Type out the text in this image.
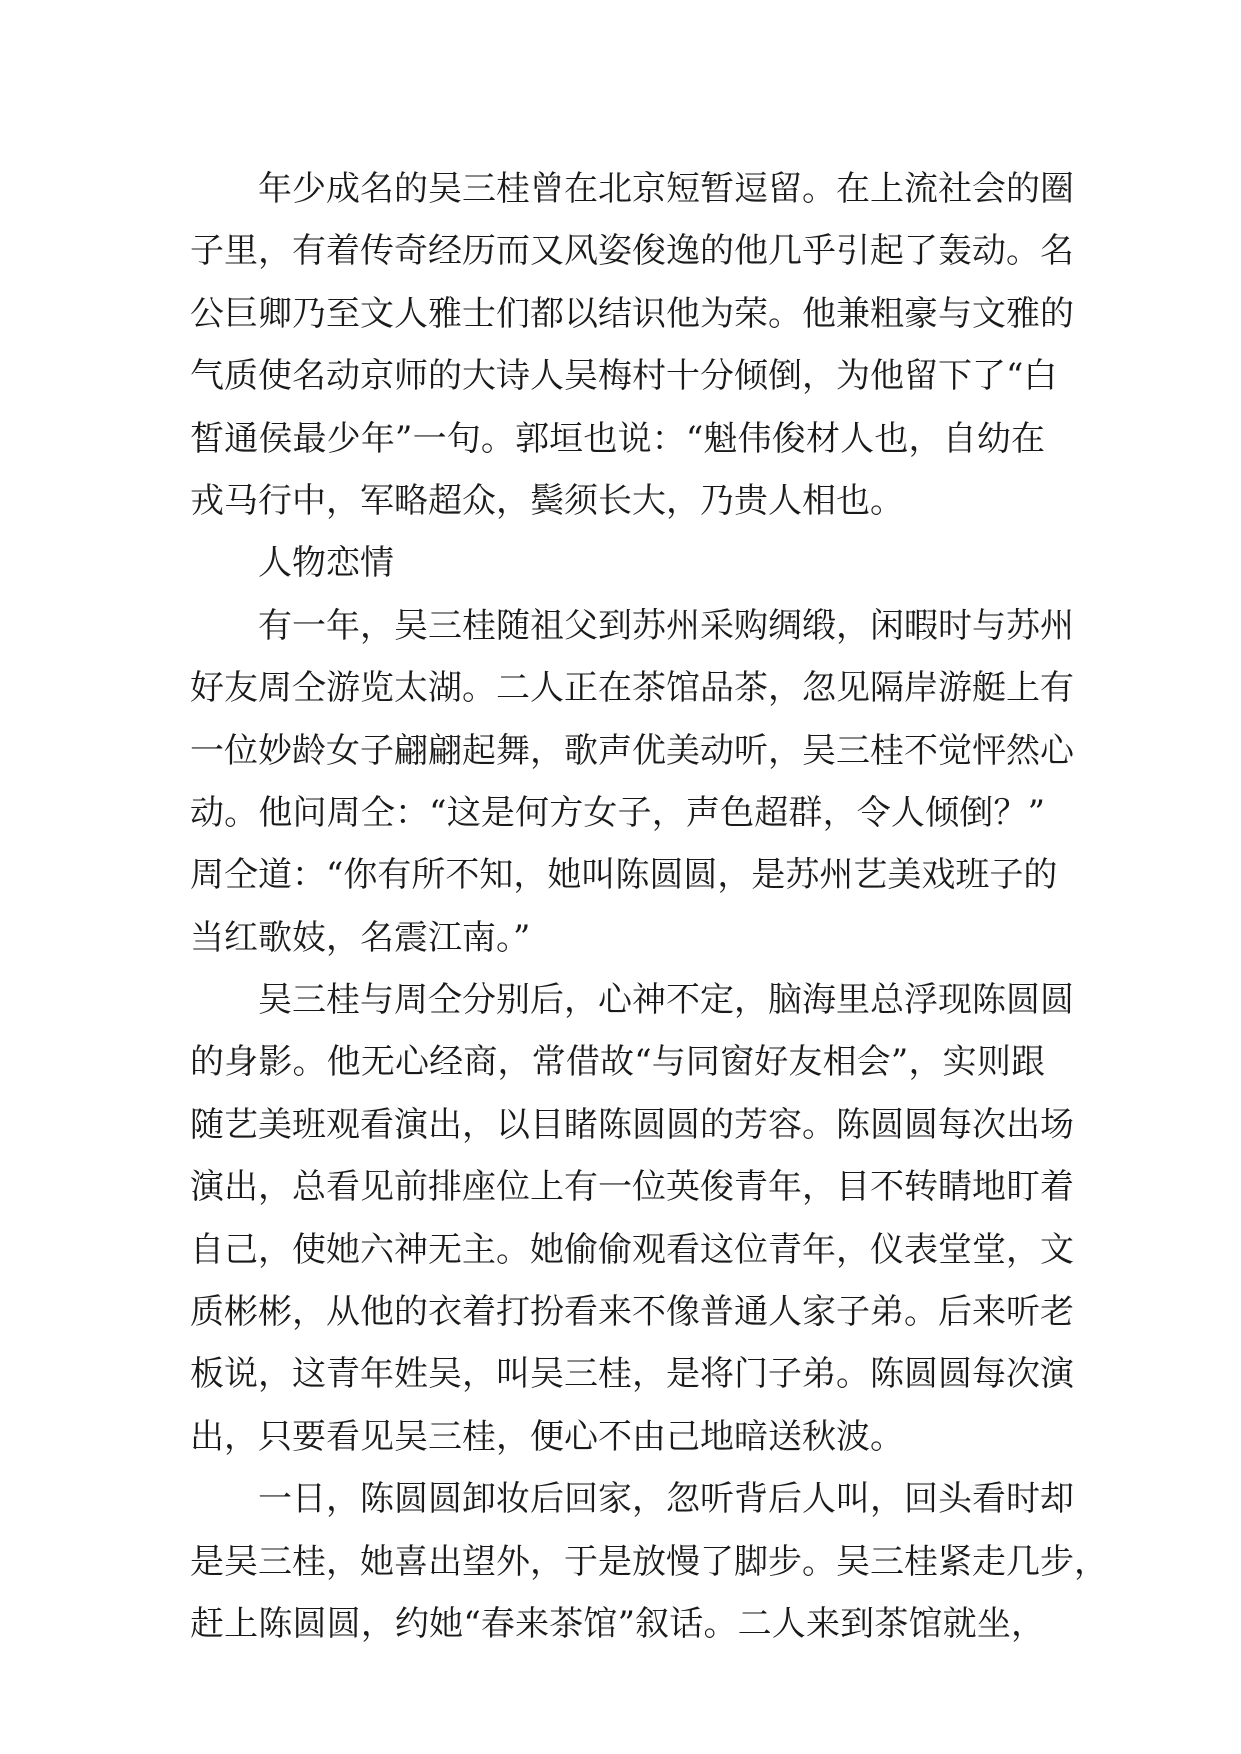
年少成名的吴三桂曾在北京短暂逗留。在上流社会的圈
子里，有着传奇经历而又风姿俊逸的他几乎引起了轰动。名
公巨卿乃至文人雅士们都以结识他为荣。他兼粗豪与文雅的
气质使名动京师的大诗人吴梅村十分倾倒，为他留下了“白
皙通侯最少年”一句。郭垣也说：“魁伟俊材人也，自幼在
戎马行中，军略超众，鬓须长大，乃贵人相也。
人物恋情
有一年，吴三桂随祖父到苏州采购绸缎，闲暇时与苏州
好友周仝游览太湖。二人正在茶馆品茶，忽见隔岸游艇上有
一位妙龄女子翩翩起舞，歌声优美动听，吴三桂不觉怦然心
动。他问周仝：“这是何方女子，声色超群，令人倾倒？”
周仝道：“你有所不知，她叫陈圆圆，是苏州艺美戏班子的
当红歌妓，名震江南。”
吴三桂与周仝分别后，心神不定，脑海里总浮现陈圆圆
的身影。他无心经商，常借故“与同窗好友相会”，实则跟
随艺美班观看演出，以目睹陈圆圆的芳容。陈圆圆每次出场
演出，总看见前排座位上有一位英俊青年，目不转睛地盯着
自己，使她六神无主。她偷偷观看这位青年，仪表堂堂，文
质彬彬，从他的衣着打扮看来不像普通人家子弟。后来听老
板说，这青年姓吴，叫吴三桂，是将门子弟。陈圆圆每次演
出，只要看见吴三桂，便心不由己地暗送秋波。
一日，陈圆圆卸妆后回家，忽听背后人叫，回头看时却
是吴三桂，她喜出望外，于是放慢了脚步。吴三桂紧走几步，
赶上陈圆圆，约她“春来茶馆”叙话。二人来到茶馆就坐，
